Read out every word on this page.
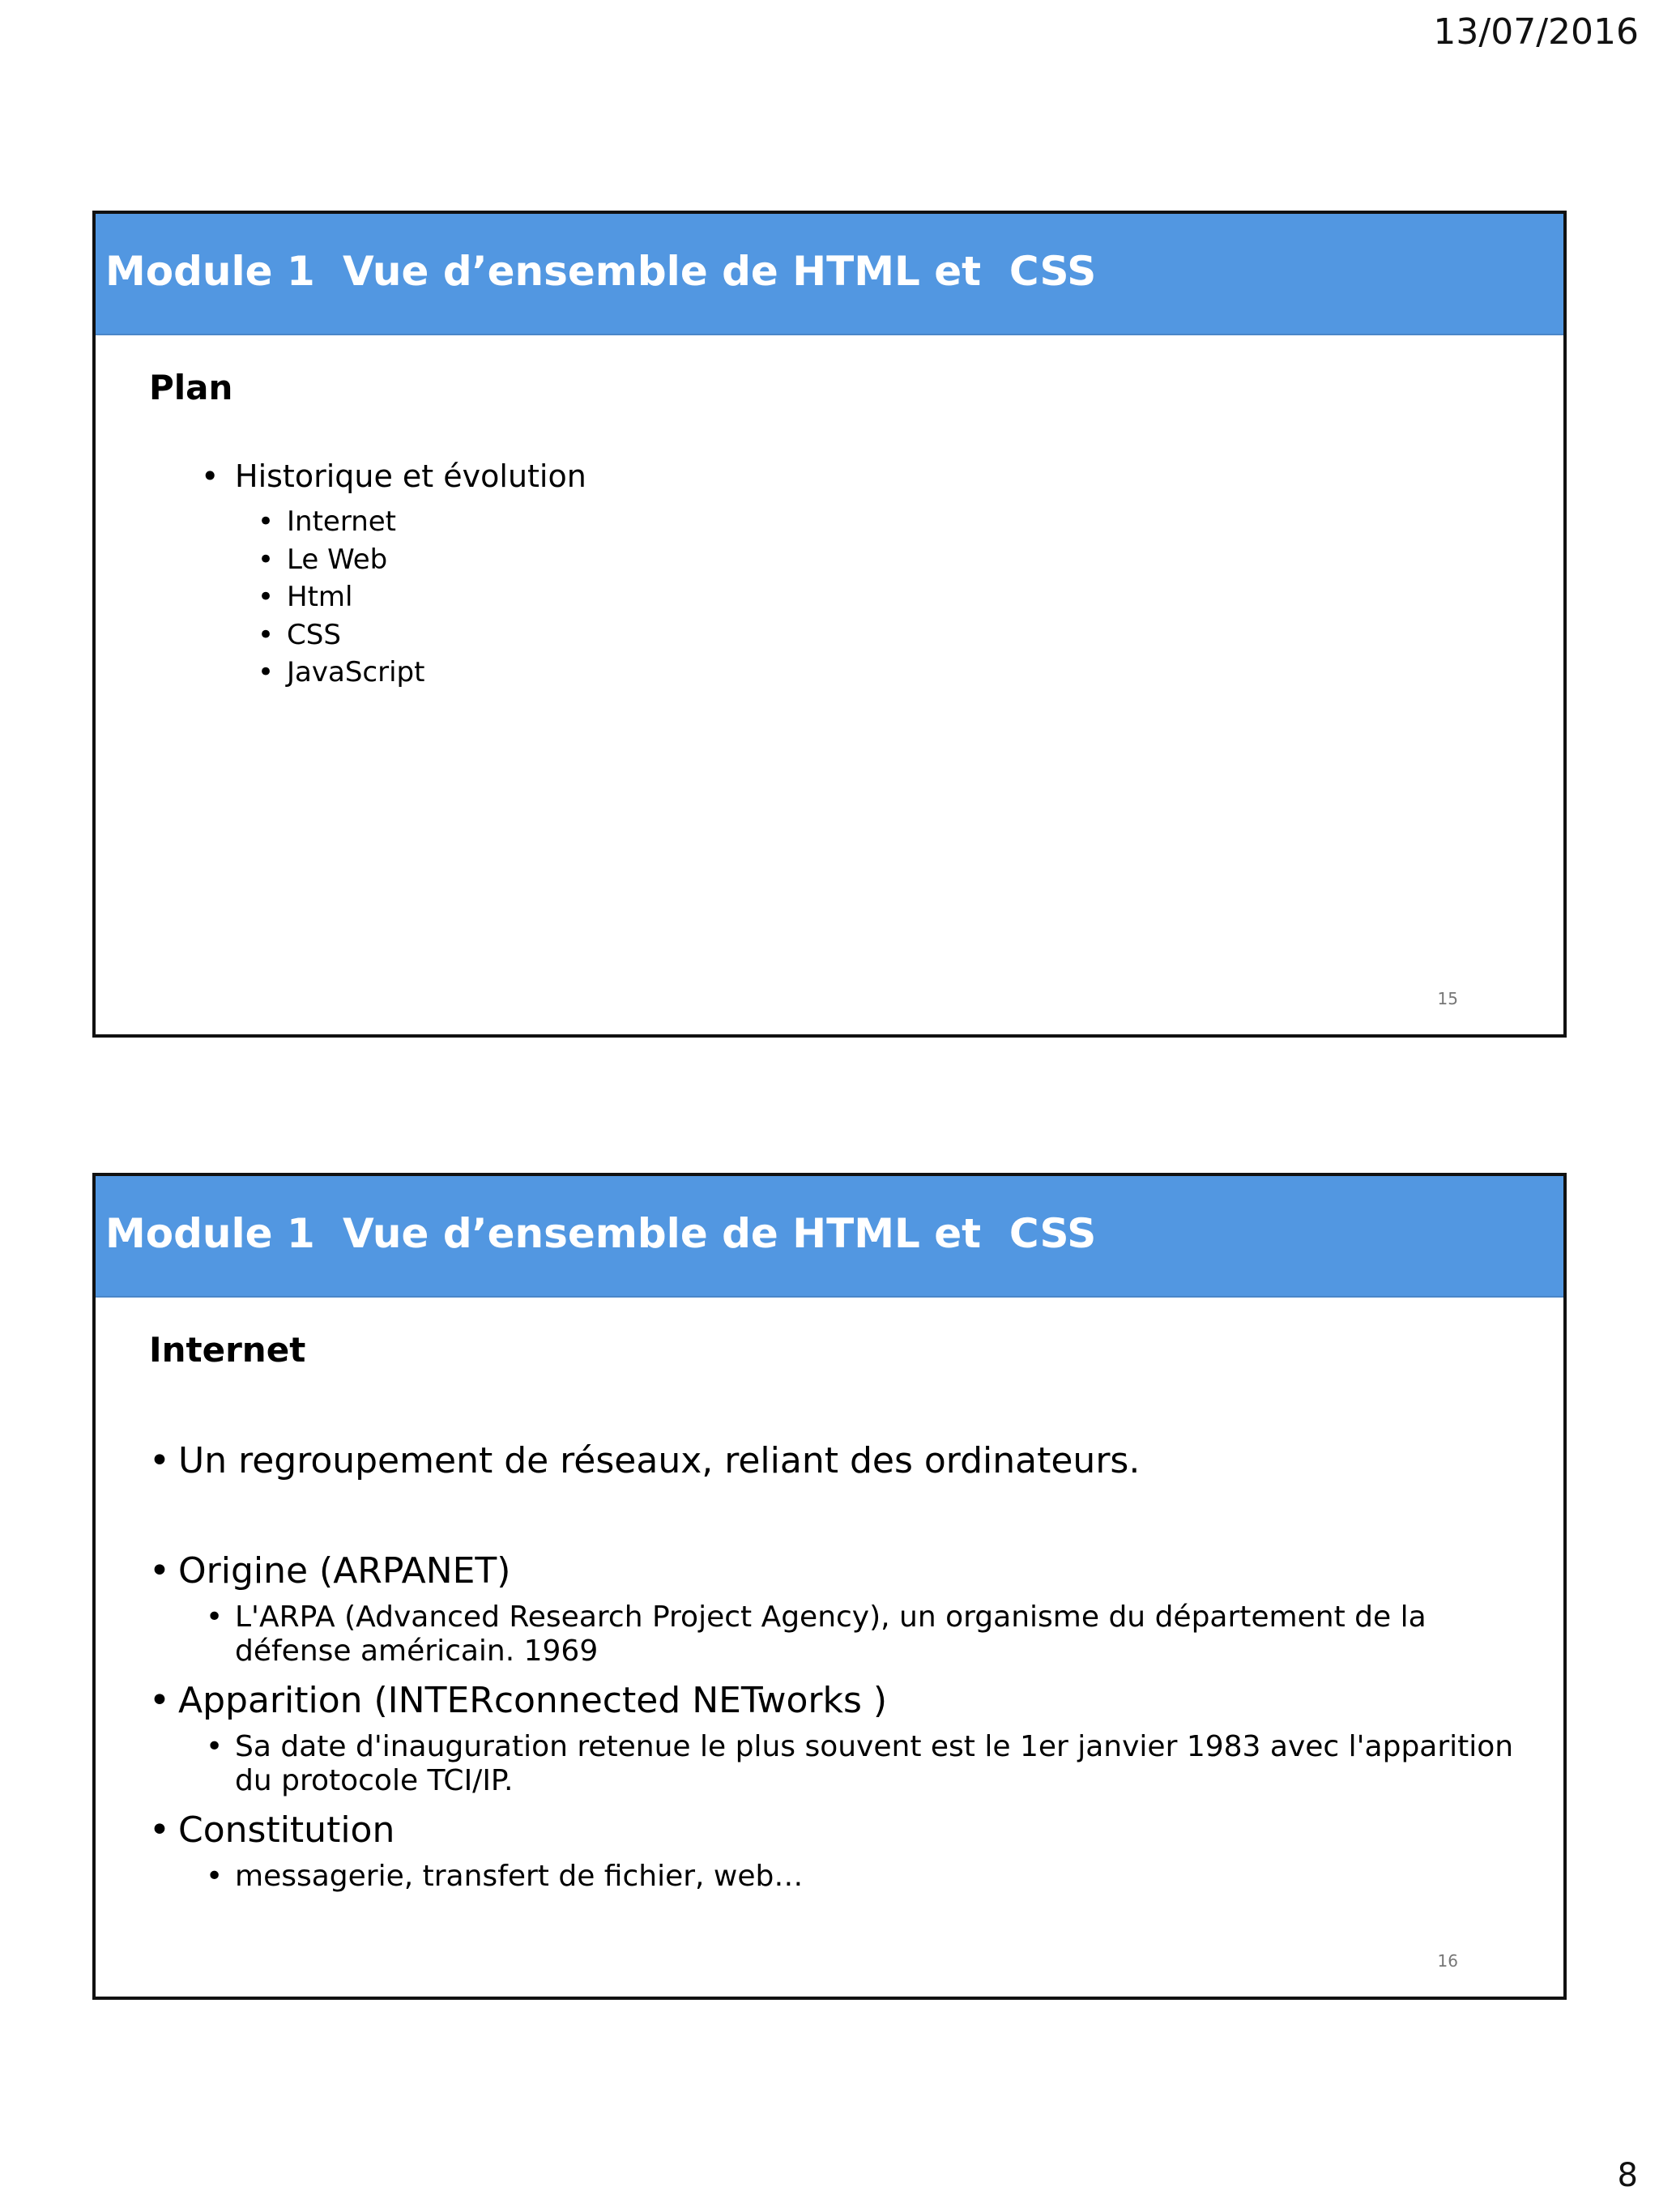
13/07/2016
Module 1 Vue d’ensemble de HTML et  CSS
Plan
• Historique et évolution
• Internet
• Le Web
• Html
• CSS
• JavaScript
15
Module 1 Vue d’ensemble de HTML et  CSS
Internet
• Un regroupement de réseaux, reliant des ordinateurs.
• Origine (ARPANET)
• L'ARPA (Advanced Research Project Agency), un organisme du département de la défense américain. 1969
• Apparition (INTERconnected NETworks )
• Sa date d'inauguration retenue le plus souvent est le 1er janvier 1983 avec l'apparition du protocole TCI/IP.
• Constitution
• messagerie, transfert de fichier, web…
16
8
